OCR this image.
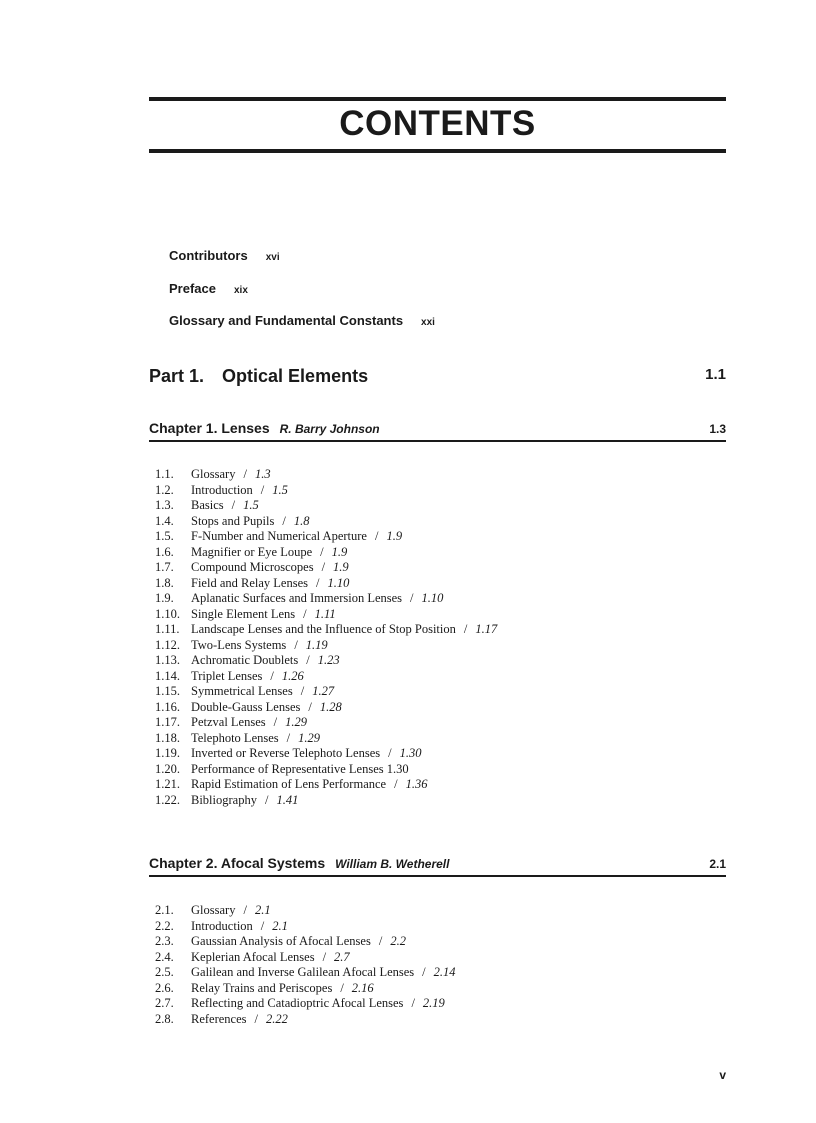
CONTENTS
Contributors xvi
Preface xix
Glossary and Fundamental Constants xxi
Part 1. Optical Elements	1.1
Chapter 1. Lenses R. Barry Johnson	1.3
1.1. Glossary / 1.3
1.2. Introduction / 1.5
1.3. Basics / 1.5
1.4. Stops and Pupils / 1.8
1.5. F-Number and Numerical Aperture / 1.9
1.6. Magnifier or Eye Loupe / 1.9
1.7. Compound Microscopes / 1.9
1.8. Field and Relay Lenses / 1.10
1.9. Aplanatic Surfaces and Immersion Lenses / 1.10
1.10. Single Element Lens / 1.11
1.11. Landscape Lenses and the Influence of Stop Position / 1.17
1.12. Two-Lens Systems / 1.19
1.13. Achromatic Doublets / 1.23
1.14. Triplet Lenses / 1.26
1.15. Symmetrical Lenses / 1.27
1.16. Double-Gauss Lenses / 1.28
1.17. Petzval Lenses / 1.29
1.18. Telephoto Lenses / 1.29
1.19. Inverted or Reverse Telephoto Lenses / 1.30
1.20. Performance of Representative Lenses 1.30
1.21. Rapid Estimation of Lens Performance / 1.36
1.22. Bibliography / 1.41
Chapter 2. Afocal Systems William B. Wetherell	2.1
2.1. Glossary / 2.1
2.2. Introduction / 2.1
2.3. Gaussian Analysis of Afocal Lenses / 2.2
2.4. Keplerian Afocal Lenses / 2.7
2.5. Galilean and Inverse Galilean Afocal Lenses / 2.14
2.6. Relay Trains and Periscopes / 2.16
2.7. Reflecting and Catadioptric Afocal Lenses / 2.19
2.8. References / 2.22
v
